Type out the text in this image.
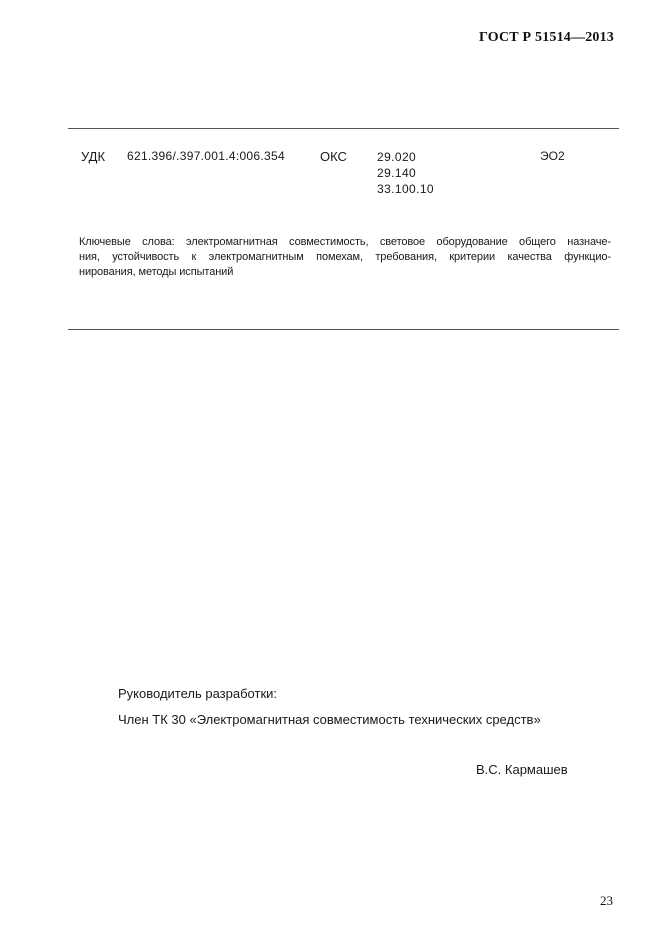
ГОСТ Р 51514—2013
УДК 621.396/.397.001.4:006.354	ОКС	29.020
29.140
33.100.10
ЭО2
Ключевые слова: электромагнитная совместимость, световое оборудование общего назначе-
ния, устойчивость к электромагнитным помехам, требования, критерии качества функцио-
нирования, методы испытаний
Руководитель разработки:
Член ТК 30 «Электромагнитная совместимость технических средств»
В.С. Кармашев
23
